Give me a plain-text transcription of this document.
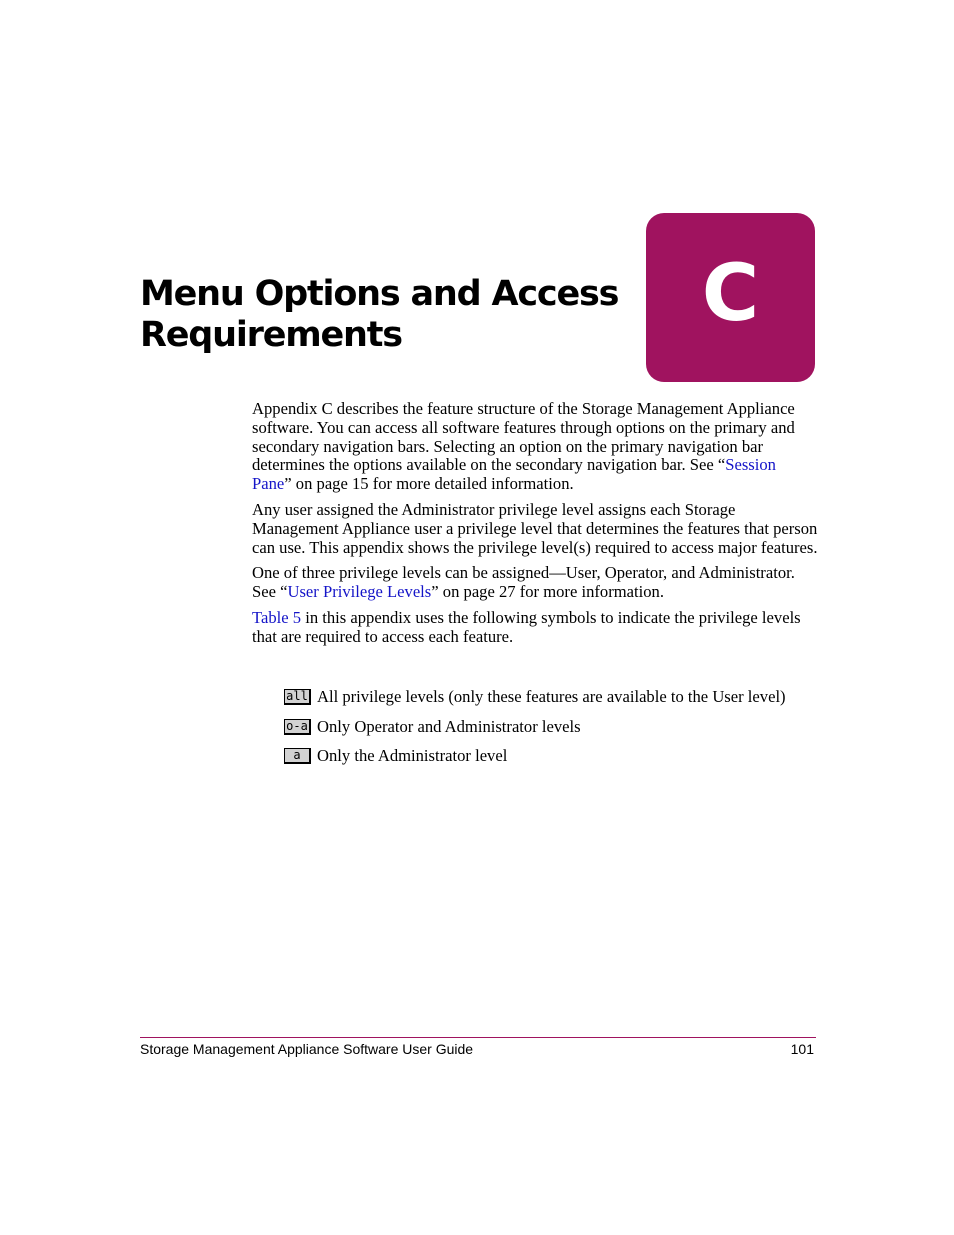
Menu Options and Access Requirements	C

Appendix C describes the feature structure of the Storage Management Appliance software. You can access all software features through options on the primary and secondary navigation bars. Selecting an option on the primary navigation bar determines the options available on the secondary navigation bar. See “Session Pane” on page 15 for more detailed information.

Any user assigned the Administrator privilege level assigns each Storage Management Appliance user a privilege level that determines the features that person can use. This appendix shows the privilege level(s) required to access major features.

One of three privilege levels can be assigned—User, Operator, and Administrator. See “User Privilege Levels” on page 27 for more information.

Table 5 in this appendix uses the following symbols to indicate the privilege levels that are required to access each feature.

all All privilege levels (only these features are available to the User level)
o-a Only Operator and Administrator levels
a Only the Administrator level
Storage Management Appliance Software User Guide	101
